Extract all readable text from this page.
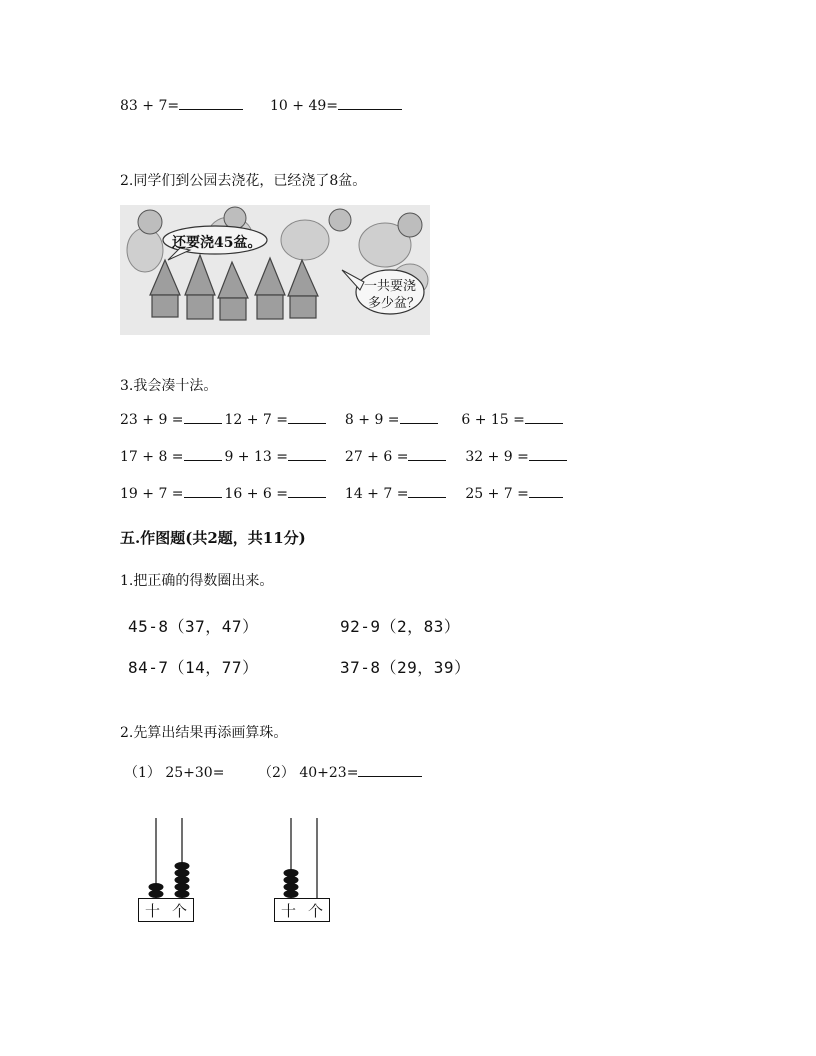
83 + 7=	10 + 49=
2.同学们到公园去浇花，已经浇了8盆。
还要浇45盆。
一共要浇
多少盆？
3.我会凑十法。
23 + 9 =	12 + 7 =	8 + 9 =	6 + 15 =
17 + 8 =	9 + 13 =	27 + 6 =	32 + 9 =
19 + 7 =	16 + 6 =	14 + 7 =	25 + 7 =
五.作图题(共2题，共11分)
1.把正确的得数圈出来。
45-8（37，47）	92-9（2，83）
84-7（14，77）	37-8（29，39）
2.先算出结果再添画算珠。
（1） 25+30= （2） 40+23=
十 个	十 个
